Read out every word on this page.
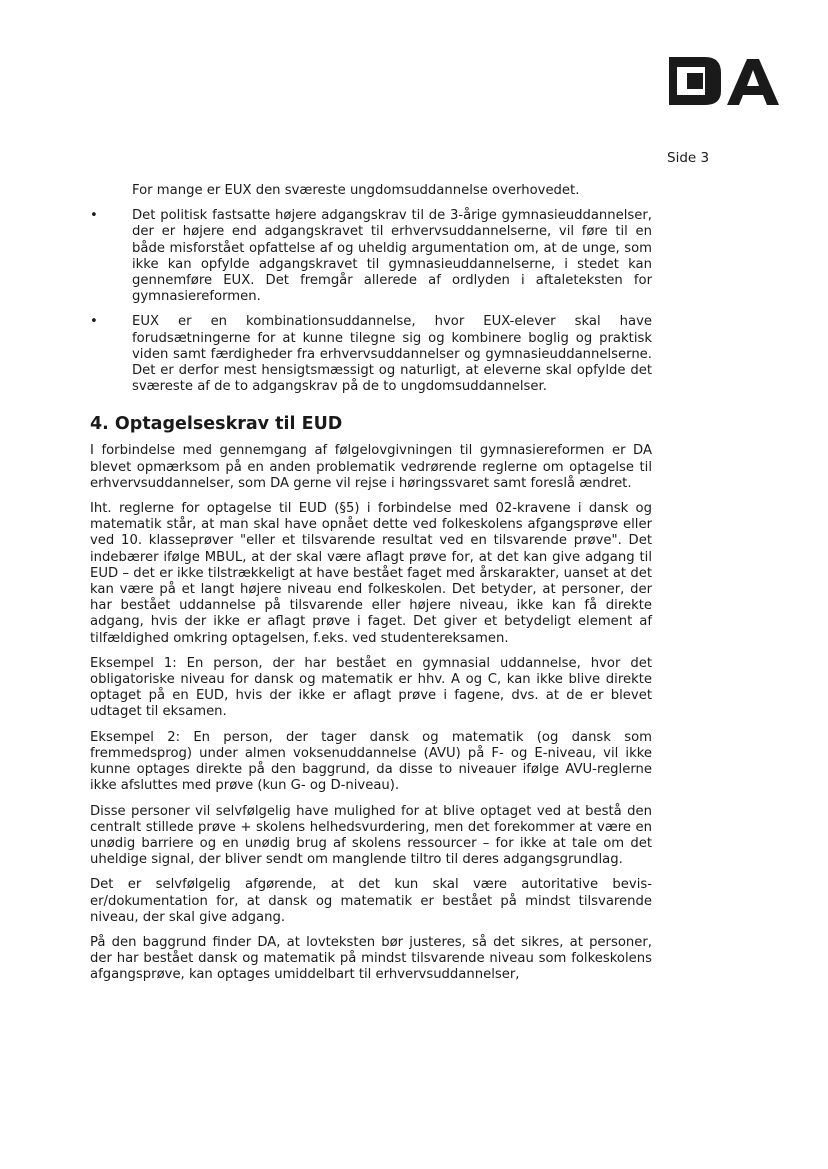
Side 3

For mange er EUX den sværeste ungdomsuddannelse overhovedet.

•	Det politisk fastsatte højere adgangskrav til de 3-årige gymnasieuddannelser, der er højere end adgangskravet til erhvervsuddannelserne, vil føre til en både misforstået opfattelse af og uheldig argumentation om, at de unge, som ikke kan opfylde adgangskravet til gymnasieuddannelserne, i stedet kan gennemføre EUX. Det fremgår allerede af ordlyden i aftaleteksten for gymnasiereformen.
•	EUX er en kombinationsuddannelse, hvor EUX-elever skal have forudsætningerne for at kunne tilegne sig og kombinere boglig og praktisk viden samt færdigheder fra erhvervsuddannelser og gymnasieuddannelserne. Det er derfor mest hensigtsmæssigt og naturligt, at eleverne skal opfylde det sværeste af de to adgangskrav på de to ungdomsuddannelser.
4. Optagelseskrav til EUD

I forbindelse med gennemgang af følgelovgivningen til gymnasiereformen er DA blevet opmærksom på en anden problematik vedrørende reglerne om optagelse til erhvervsuddannelser, som DA gerne vil rejse i høringssvaret samt foreslå ændret.

Iht. reglerne for optagelse til EUD (§5) i forbindelse med 02-kravene i dansk og matematik står, at man skal have opnået dette ved folkeskolens afgangsprøve eller ved 10. klasseprøver "eller et tilsvarende resultat ved en tilsvarende prøve". Det indebærer ifølge MBUL, at der skal være aflagt prøve for, at det kan give adgang til EUD – det er ikke tilstrækkeligt at have bestået faget med årskarakter, uanset at det kan være på et langt højere niveau end folkeskolen. Det betyder, at personer, der har bestået uddannelse på tilsvarende eller højere niveau, ikke kan få direkte adgang, hvis der ikke er aflagt prøve i faget. Det giver et betydeligt element af tilfældighed omkring optagelsen, f.eks. ved studentereksamen.

Eksempel 1: En person, der har bestået en gymnasial uddannelse, hvor det obligatoriske niveau for dansk og matematik er hhv. A og C, kan ikke blive direkte optaget på en EUD, hvis der ikke er aflagt prøve i fagene, dvs. at de er blevet udtaget til eksamen.

Eksempel 2: En person, der tager dansk og matematik (og dansk som fremmedsprog) under almen voksenuddannelse (AVU) på F- og E-niveau, vil ikke kunne optages direkte på den baggrund, da disse to niveauer ifølge AVU-reglerne ikke afsluttes med prøve (kun G- og D-niveau).

Disse personer vil selvfølgelig have mulighed for at blive optaget ved at bestå den centralt stillede prøve + skolens helhedsvurdering, men det forekommer at være en unødig barriere og en unødig brug af skolens ressourcer – for ikke at tale om det uheldige signal, der bliver sendt om manglende tiltro til deres adgangsgrundlag.

Det er selvfølgelig afgørende, at det kun skal være autoritative bevis-er/dokumentation for, at dansk og matematik er bestået på mindst tilsvarende niveau, der skal give adgang.

På den baggrund finder DA, at lovteksten bør justeres, så det sikres, at personer, der har bestået dansk og matematik på mindst tilsvarende niveau som folkeskolens afgangsprøve, kan optages umiddelbart til erhvervsuddannelser,
